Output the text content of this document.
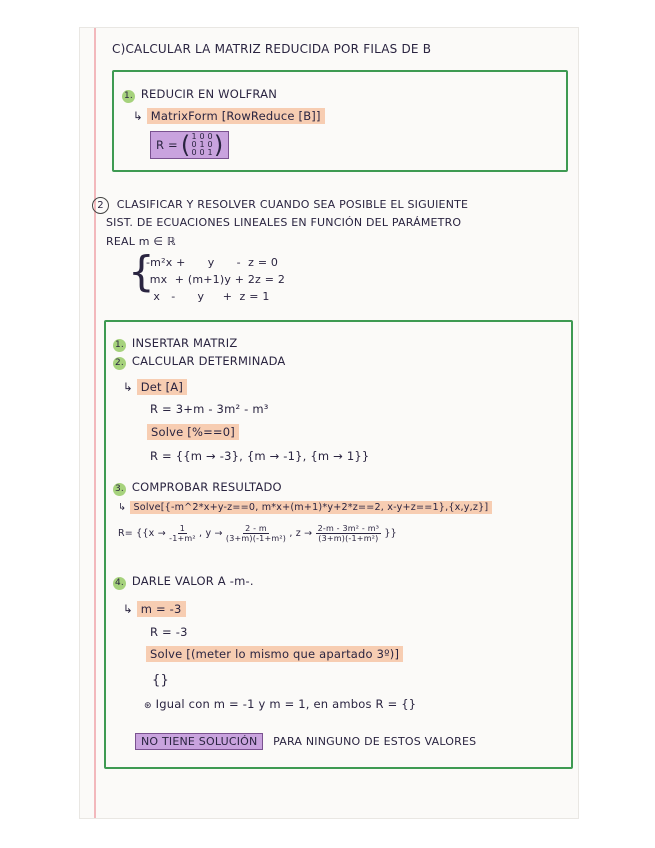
C)CALCULAR LA MATRIZ REDUCIDA POR FILAS DE B
1. REDUCIR EN WOLFRAN
↳ MatrixForm [RowReduce [B]]
R = ( 1 0 0
0 1 0
0 0 1 )
2 CLASIFICAR Y RESOLVER CUANDO SEA POSIBLE EL SIGUIENTE
SIST. DE ECUACIONES LINEALES EN FUNCIÓN DEL PARÁMETRO
REAL m ∈ ℝ
{
-m²x +      y      -  z = 0
mx  + (m+1)y + 2z = 2
x   -      y     +  z = 1
1. INSERTAR MATRIZ
2. CALCULAR DETERMINADA
↳ Det [A]
R = 3+m - 3m² - m³
Solve [%==0]
R = {{m → -3}, {m → -1}, {m → 1}}
3. COMPROBAR RESULTADO
↳ Solve[{-m^2*x+y-z==0, m*x+(m+1)*y+2*z==2, x-y+z==1},{x,y,z}]
$R= \{\{x \to \frac{1}{\text{-1+m²}}$ , $y \to \frac{2 - m}{\text{(3+m)(-1+m²)}}$ , $z \to \frac{\text{2-m - 3m² - m³}}{\text{(3+m)(-1+m²)}}$ }}
4. DARLE VALOR A -m-.
↳ m = -3
R = -3
Solve [(meter lo mismo que apartado 3º)]
{}
⊛ Igual con m = -1 y m = 1, en ambos R = {}
NO TIENE SOLUCIÓN PARA NINGUNO DE ESTOS VALORES
